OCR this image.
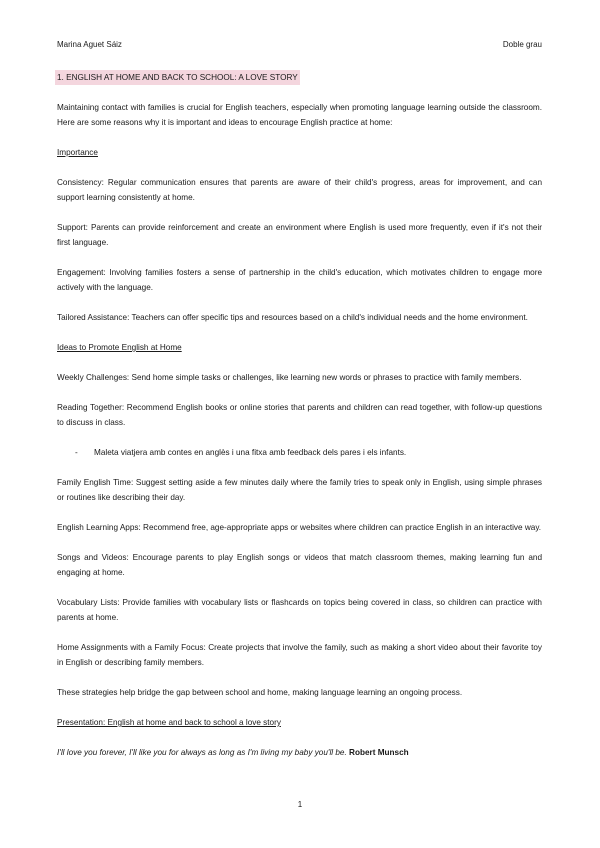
Marina Aguet Sáiz	Doble grau
1. ENGLISH AT HOME AND BACK TO SCHOOL: A LOVE STORY

Maintaining contact with families is crucial for English teachers, especially when promoting language learning outside the classroom. Here are some reasons why it is important and ideas to encourage English practice at home:

Importance

Consistency: Regular communication ensures that parents are aware of their child's progress, areas for improvement, and can support learning consistently at home.

Support: Parents can provide reinforcement and create an environment where English is used more frequently, even if it's not their first language.

Engagement: Involving families fosters a sense of partnership in the child's education, which motivates children to engage more actively with the language.

Tailored Assistance: Teachers can offer specific tips and resources based on a child's individual needs and the home environment.

Ideas to Promote English at Home

Weekly Challenges: Send home simple tasks or challenges, like learning new words or phrases to practice with family members.

Reading Together: Recommend English books or online stories that parents and children can read together, with follow-up questions to discuss in class.

-	Maleta viatjera amb contes en anglès i una fitxa amb feedback dels pares i els infants.

Family English Time: Suggest setting aside a few minutes daily where the family tries to speak only in English, using simple phrases or routines like describing their day.

English Learning Apps: Recommend free, age-appropriate apps or websites where children can practice English in an interactive way.

Songs and Videos: Encourage parents to play English songs or videos that match classroom themes, making learning fun and engaging at home.

Vocabulary Lists: Provide families with vocabulary lists or flashcards on topics being covered in class, so children can practice with parents at home.

Home Assignments with a Family Focus: Create projects that involve the family, such as making a short video about their favorite toy in English or describing family members.

These strategies help bridge the gap between school and home, making language learning an ongoing process.

Presentation: English at home and back to school a love story

I'll love you forever, I'll like you for always as long as I'm living my baby you'll be. Robert Munsch

1
